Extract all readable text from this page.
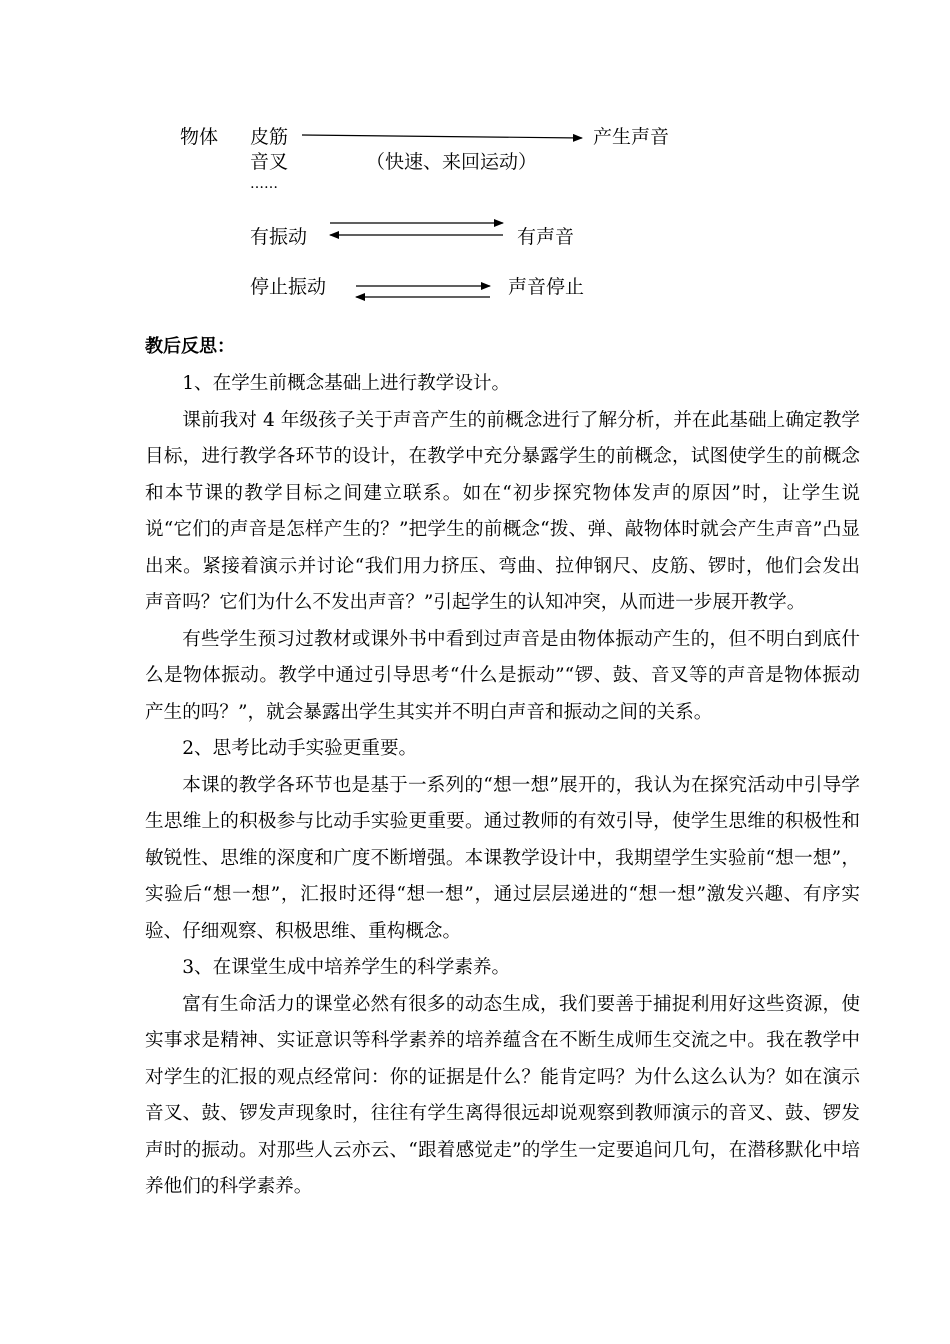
物体 皮筋
音叉
……
（快速、来回运动）
产生声音
有振动	有声音
停止振动	声音停止

教后反思：

1、在学生前概念基础上进行教学设计。

课前我对 4 年级孩子关于声音产生的前概念进行了解分析，并在此基础上确定教学目标，进行教学各环节的设计，在教学中充分暴露学生的前概念，试图使学生的前概念和本节课的教学目标之间建立联系。如在“初步探究物体发声的原因”时，让学生说说“它们的声音是怎样产生的？”把学生的前概念“拨、弹、敲物体时就会产生声音”凸显出来。紧接着演示并讨论“我们用力挤压、弯曲、拉伸钢尺、皮筋、锣时，他们会发出声音吗？它们为什么不发出声音？”引起学生的认知冲突，从而进一步展开教学。

有些学生预习过教材或课外书中看到过声音是由物体振动产生的，但不明白到底什么是物体振动。教学中通过引导思考“什么是振动”“锣、鼓、音叉等的声音是物体振动产生的吗？”，就会暴露出学生其实并不明白声音和振动之间的关系。

2、思考比动手实验更重要。

本课的教学各环节也是基于一系列的“想一想”展开的，我认为在探究活动中引导学生思维上的积极参与比动手实验更重要。通过教师的有效引导，使学生思维的积极性和敏锐性、思维的深度和广度不断增强。本课教学设计中，我期望学生实验前“想一想”，实验后“想一想”，汇报时还得“想一想”，通过层层递进的“想一想”激发兴趣、有序实验、仔细观察、积极思维、重构概念。

3、在课堂生成中培养学生的科学素养。

富有生命活力的课堂必然有很多的动态生成，我们要善于捕捉利用好这些资源，使实事求是精神、实证意识等科学素养的培养蕴含在不断生成师生交流之中。我在教学中对学生的汇报的观点经常问：你的证据是什么？能肯定吗？为什么这么认为？如在演示音叉、鼓、锣发声现象时，往往有学生离得很远却说观察到教师演示的音叉、鼓、锣发声时的振动。对那些人云亦云、“跟着感觉走”的学生一定要追问几句，在潜移默化中培养他们的科学素养。
